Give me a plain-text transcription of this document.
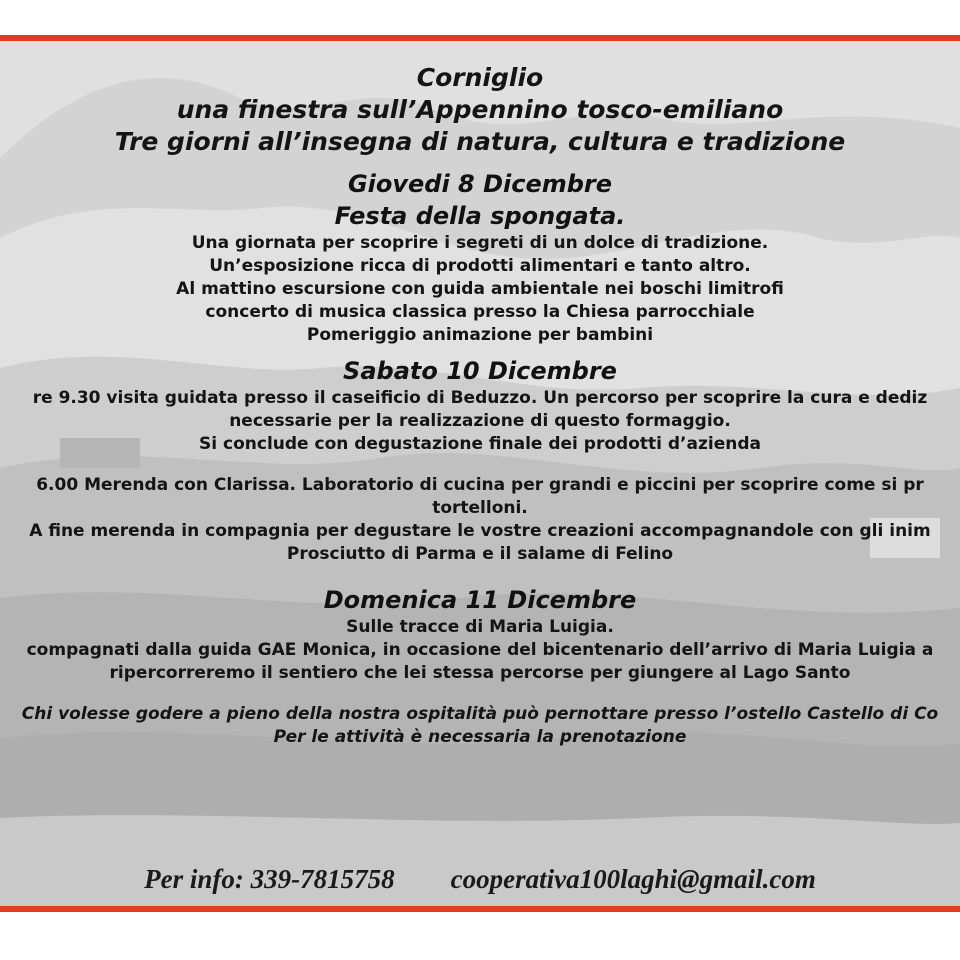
Corniglio
una finestra sull’Appennino tosco-emiliano
Tre giorni all’insegna di natura, cultura e tradizione
Giovedi 8 Dicembre
Festa della spongata.
Una giornata per scoprire i segreti di un dolce di tradizione.
Un’esposizione ricca di prodotti alimentari e tanto altro.
Al mattino escursione con guida ambientale nei boschi limitrofi
concerto di musica classica presso la Chiesa parrocchiale
Pomeriggio animazione per bambini
Sabato 10 Dicembre
re 9.30 visita guidata presso il caseificio di Beduzzo. Un percorso per scoprire la cura e dediz
necessarie per la realizzazione di questo formaggio.
Si conclude con degustazione finale dei prodotti d’azienda
6.00 Merenda con Clarissa. Laboratorio di cucina per grandi e piccini per scoprire come si pr
tortelloni.
A fine merenda in compagnia per degustare le vostre creazioni accompagnandole con gli inim
Prosciutto di Parma e il salame di Felino
Domenica 11 Dicembre
Sulle tracce di Maria Luigia.
compagnati dalla guida GAE Monica, in occasione del bicentenario dell’arrivo di Maria Luigia a
ripercorreremo il sentiero che lei stessa percorse per giungere al Lago Santo
Chi volesse godere a pieno della nostra ospitalità può pernottare presso l’ostello Castello di Co
Per le attività è necessaria la prenotazione
Per info: 339-7815758 cooperativa100laghi@gmail.com
